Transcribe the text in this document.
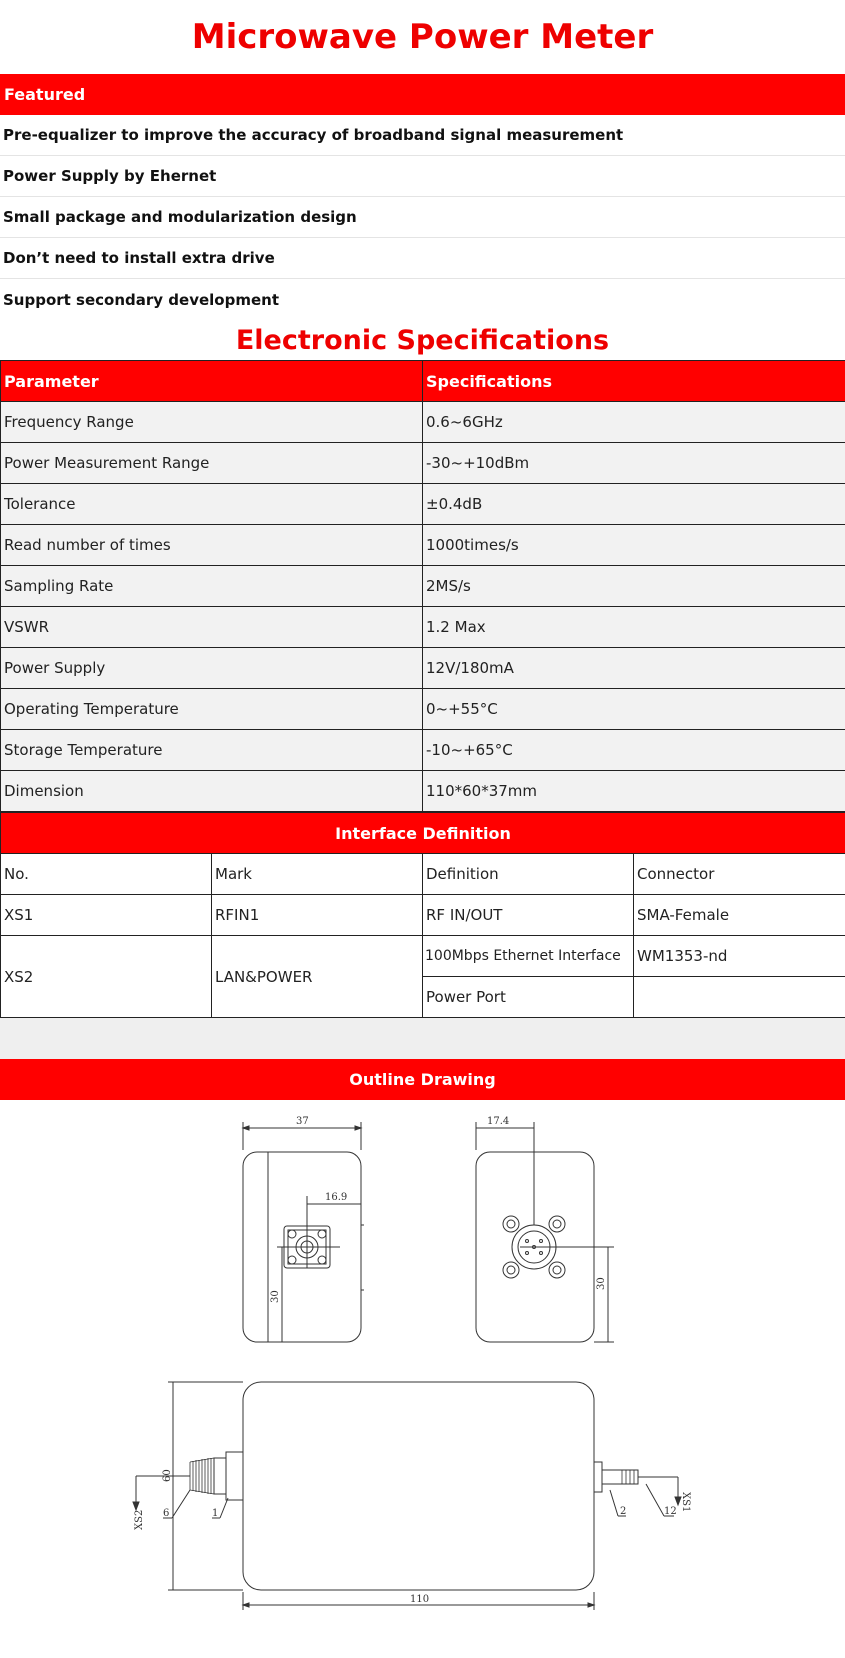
Microwave Power Meter
Featured
Pre-equalizer to improve the accuracy of broadband signal measurement
Power Supply by Ehernet
Small package and modularization design
Don’t need to install extra drive
Support secondary development
Electronic Specifications
Parameter	Specifications
Frequency Range	0.6~6GHz
Power Measurement Range	-30~+10dBm
Tolerance	±0.4dB
Read number of times	1000times/s
Sampling Rate	2MS/s
VSWR	1.2 Max
Power Supply	12V/180mA
Operating Temperature	0~+55°C
Storage Temperature	-10~+65°C
Dimension	110*60*37mm
Interface Definition			
No.	Mark	Definition	Connector
XS1	RFIN1	RF IN/OUT	SMA-Female
XS2	LAN&POWER	100Mbps Ethernet Interface	WM1353-nd
		Power Port	
Outline Drawing
37
16.9
30
17.4
30
60
110
XS2
XS1
1
6	2	12
